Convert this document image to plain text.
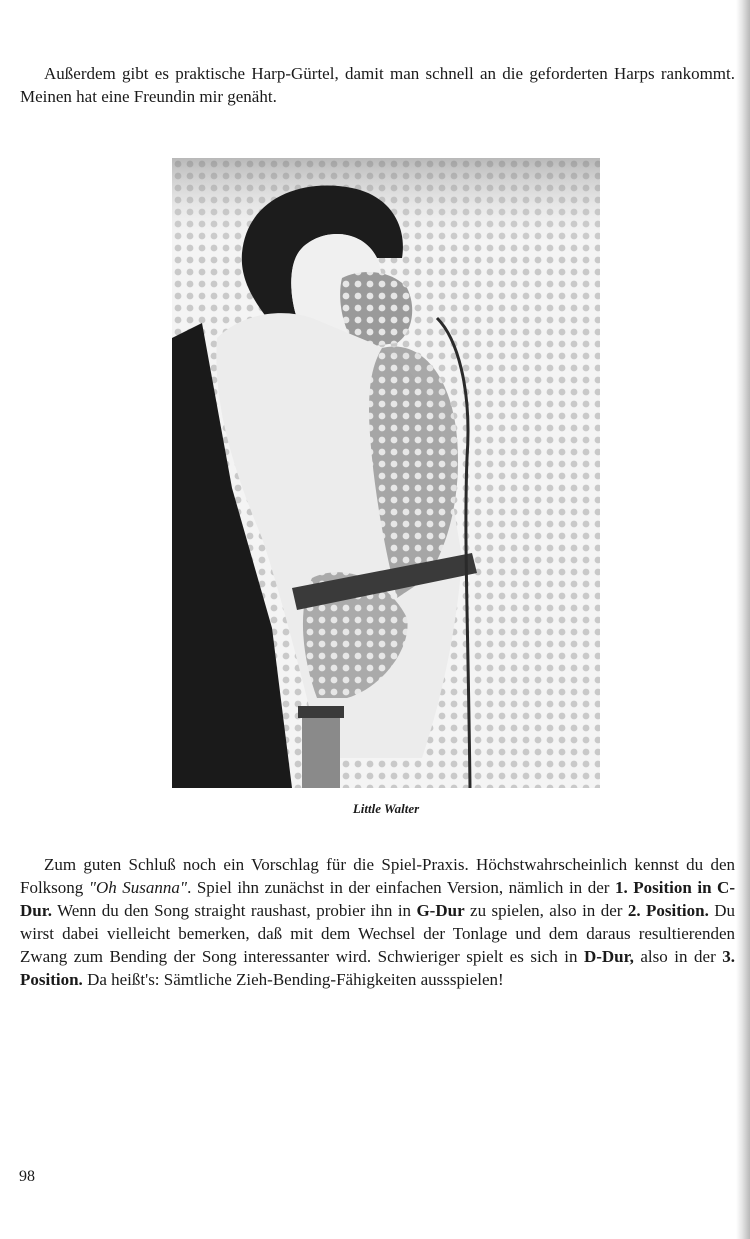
Außerdem gibt es praktische Harp-Gürtel, damit man schnell an die geforderten Harps rankommt. Meinen hat eine Freundin mir genäht.

Little Walter

Zum guten Schluß noch ein Vorschlag für die Spiel-Praxis. Höchstwahrscheinlich kennst du den Folksong "Oh Susanna". Spiel ihn zunächst in der einfachen Version, nämlich in der 1. Position in C-Dur. Wenn du den Song straight raushast, probier ihn in G-Dur zu spielen, also in der 2. Position. Du wirst dabei vielleicht bemerken, daß mit dem Wechsel der Tonlage und dem daraus resultierenden Zwang zum Bending der Song interessanter wird. Schwieriger spielt es sich in D-Dur, also in der 3. Position. Da heißt's: Sämtliche Zieh-Bending-Fähigkeiten aussspielen!

98
